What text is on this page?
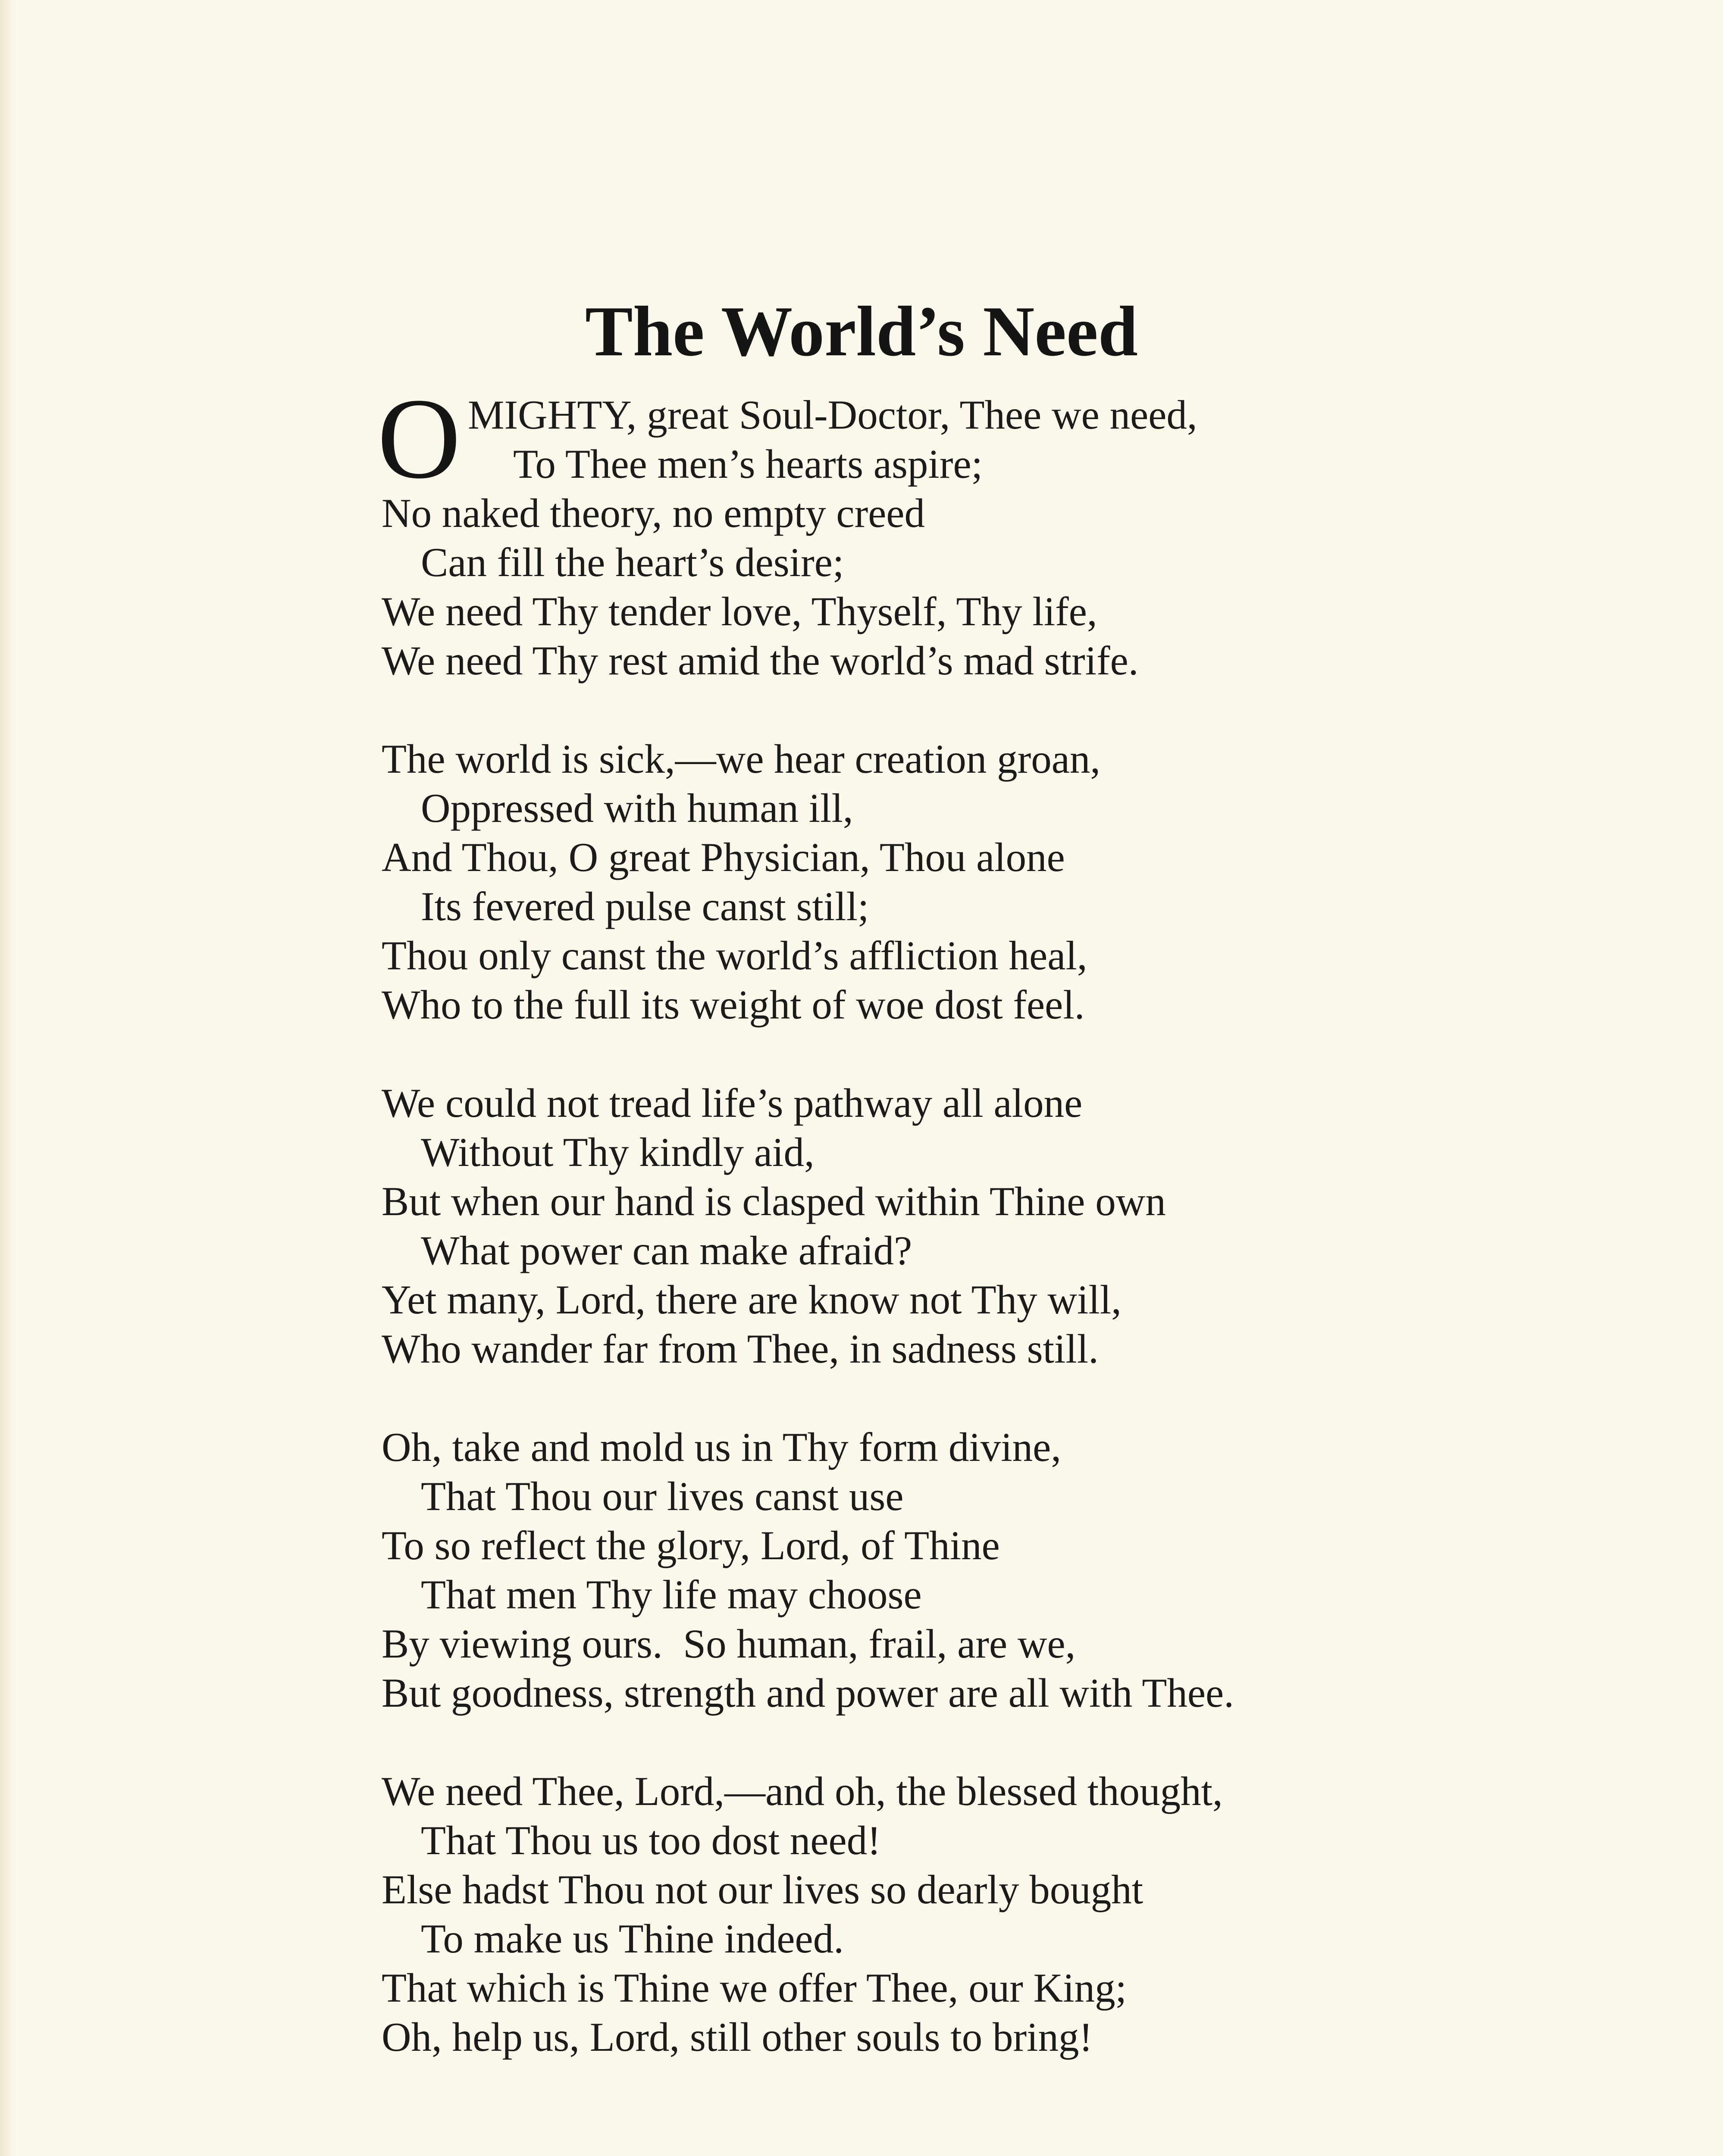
The World’s Need
O MIGHTY, great Soul-Doctor, Thee we need,
To Thee men’s hearts aspire;
No naked theory, no empty creed
Can fill the heart’s desire;
We need Thy tender love, Thyself, Thy life,
We need Thy rest amid the world’s mad strife.
The world is sick,—we hear creation groan,
Oppressed with human ill,
And Thou, O great Physician, Thou alone
Its fevered pulse canst still;
Thou only canst the world’s affliction heal,
Who to the full its weight of woe dost feel.
We could not tread life’s pathway all alone
Without Thy kindly aid,
But when our hand is clasped within Thine own
What power can make afraid?
Yet many, Lord, there are know not Thy will,
Who wander far from Thee, in sadness still.
Oh, take and mold us in Thy form divine,
That Thou our lives canst use
To so reflect the glory, Lord, of Thine
That men Thy life may choose
By viewing ours.  So human, frail, are we,
But goodness, strength and power are all with Thee.
We need Thee, Lord,—and oh, the blessed thought,
That Thou us too dost need!
Else hadst Thou not our lives so dearly bought
To make us Thine indeed.
That which is Thine we offer Thee, our King;
Oh, help us, Lord, still other souls to bring!
